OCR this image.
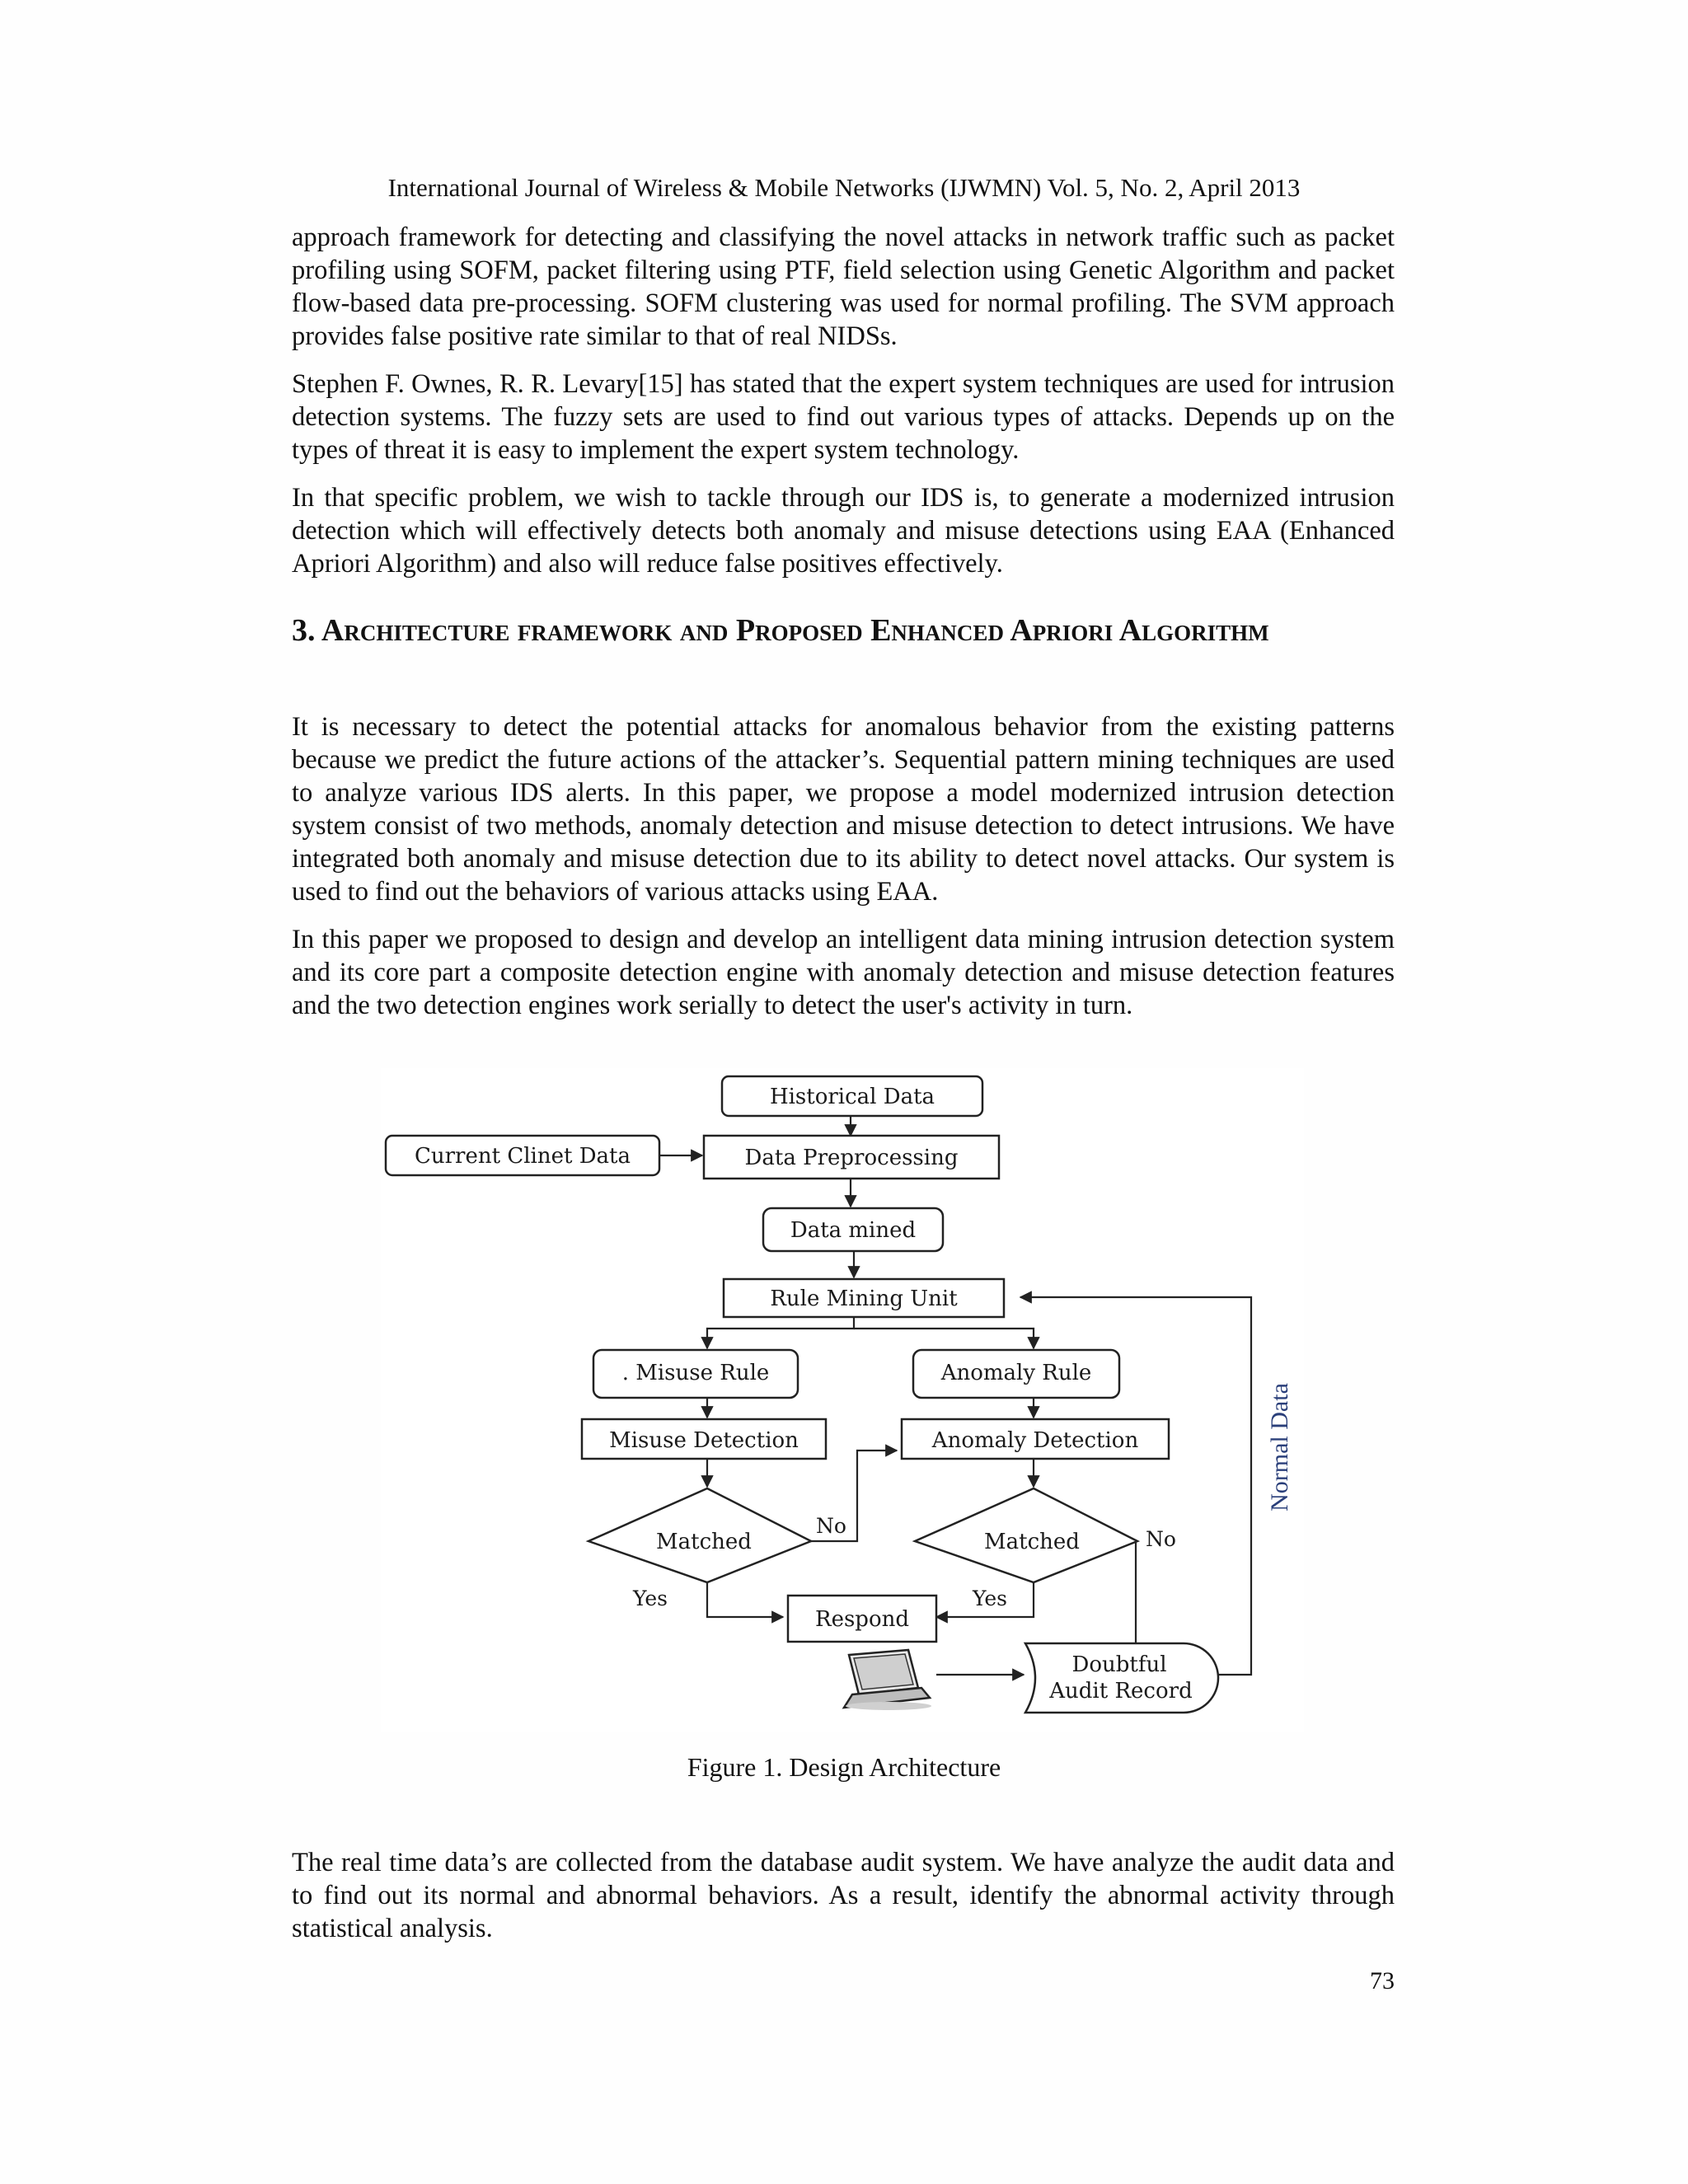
International Journal of Wireless & Mobile Networks (IJWMN) Vol. 5, No. 2, April 2013

approach framework for detecting and classifying the novel attacks in network traffic such as packet profiling using SOFM, packet filtering using PTF, field selection using Genetic Algorithm and packet flow-based data pre-processing. SOFM clustering was used for normal profiling. The SVM approach provides false positive rate similar to that of real NIDSs.

Stephen F. Ownes, R. R. Levary[15] has stated that the expert system techniques are used for intrusion detection systems. The fuzzy sets are used to find out various types of attacks. Depends up on the types of threat it is easy to implement the expert system technology.

In that specific problem, we wish to tackle through our IDS is, to generate a modernized intrusion detection which will effectively detects both anomaly and misuse detections using EAA (Enhanced Apriori Algorithm) and also will reduce false positives effectively.

3. Architecture framework and Proposed Enhanced Apriori Algorithm

It is necessary to detect the potential attacks for anomalous behavior from the existing patterns because we predict the future actions of the attacker’s. Sequential pattern mining techniques are used to analyze various IDS alerts. In this paper, we propose a model modernized intrusion detection system consist of two methods, anomaly detection and misuse detection to detect intrusions. We have integrated both anomaly and misuse detection due to its ability to detect novel attacks. Our system is used to find out the behaviors of various attacks using EAA.

In this paper we proposed to design and develop an intelligent data mining intrusion detection system and its core part a composite detection engine with anomaly detection and misuse detection features and the two detection engines work serially to detect the user's activity in turn.

Historical Data
Current Clinet Data	Data Preprocessing
Data mined
Rule Mining Unit
. Misuse Rule	Anomaly Rule
Misuse Detection	Anomaly Detection
Matched	Matched
Respond
Doubtful
Audit Record
No
Yes
No
Yes
Normal Data
Figure 1. Design Architecture

The real time data’s are collected from the database audit system. We have analyze the audit data and to find out its normal and abnormal behaviors. As a result, identify the abnormal activity through statistical analysis.

73
